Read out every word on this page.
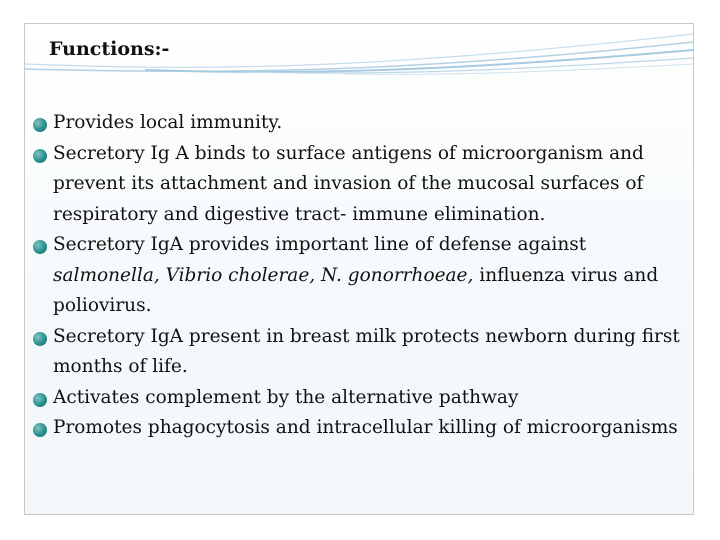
Functions:-
Provides local immunity.
Secretory Ig A binds to surface antigens of microorganism and prevent its attachment and invasion of the mucosal surfaces of respiratory and digestive tract- immune elimination.
Secretory IgA provides important line of defense against salmonella, Vibrio cholerae, N. gonorrhoeae, influenza virus and poliovirus.
Secretory IgA present in breast milk protects newborn during first months of life.
Activates complement by the alternative pathway
Promotes phagocytosis and intracellular killing of microorganisms
